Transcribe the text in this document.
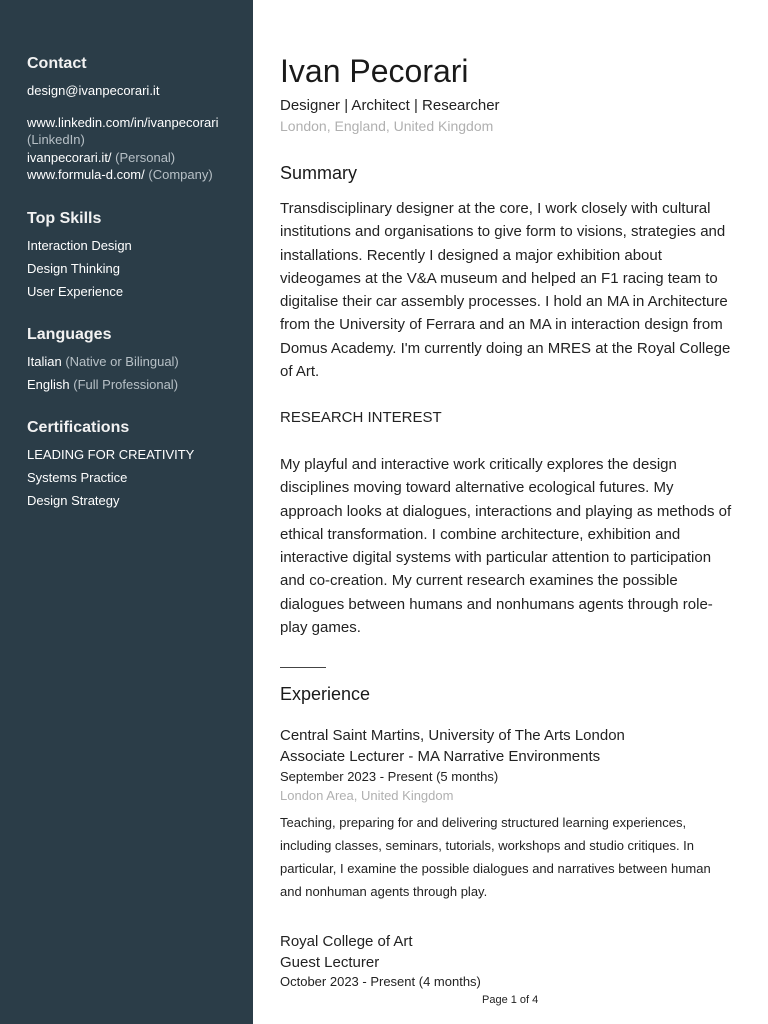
Contact
design@ivanpecorari.it
www.linkedin.com/in/ivanpecorari
(LinkedIn)
ivanpecorari.it/ (Personal)
www.formula-d.com/ (Company)
Top Skills
Interaction Design
Design Thinking
User Experience
Languages
Italian (Native or Bilingual)
English (Full Professional)
Certifications
LEADING FOR CREATIVITY
Systems Practice
Design Strategy
Ivan Pecorari
Designer | Architect | Researcher
London, England, United Kingdom
Summary

Transdisciplinary designer at the core, I work closely with cultural institutions and organisations to give form to visions, strategies and installations. Recently I designed a major exhibition about videogames at the V&A museum and helped an F1 racing team to digitalise their car assembly processes. I hold an MA in Architecture from the University of Ferrara and an MA in interaction design from Domus Academy. I'm currently doing an MRES at the Royal College of Art.

RESEARCH INTEREST

My playful and interactive work critically explores the design disciplines moving toward alternative ecological futures. My approach looks at dialogues, interactions and playing as methods of ethical transformation. I combine architecture, exhibition and interactive digital systems with particular attention to participation and co-creation. My current research examines the possible dialogues between humans and nonhumans agents through role-play games.

Experience
Central Saint Martins, University of The Arts London
Associate Lecturer - MA Narrative Environments
September 2023 - Present (5 months)
London Area, United Kingdom

Teaching, preparing for and delivering structured learning experiences, including classes, seminars, tutorials, workshops and studio critiques. In particular, I examine the possible dialogues and narratives between human and nonhuman agents through play.

Royal College of Art
Guest Lecturer
October 2023 - Present (4 months)
Page 1 of 4
